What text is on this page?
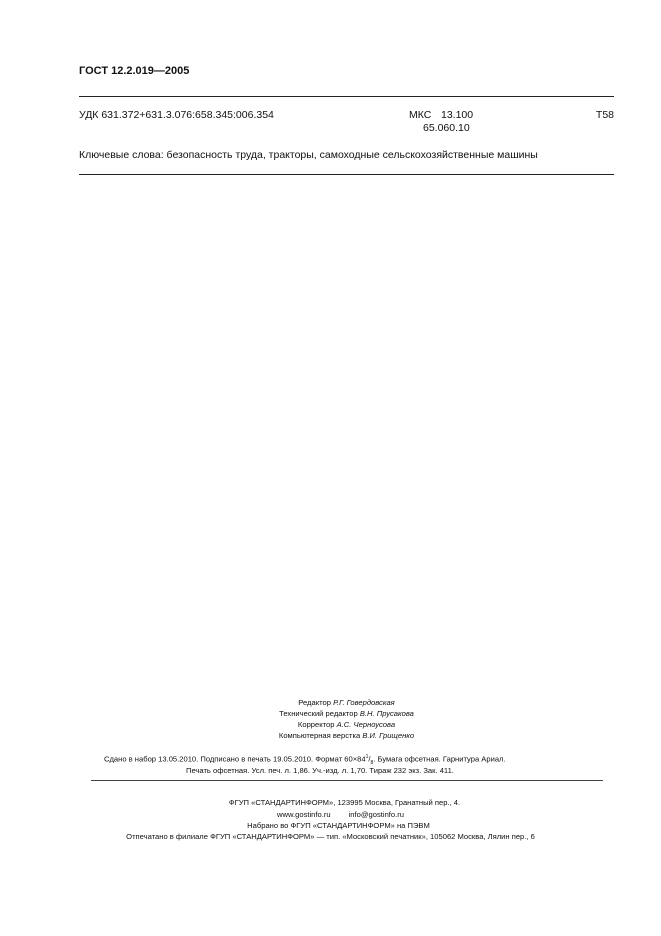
ГОСТ 12.2.019—2005
УДК 631.372+631.3.076:658.345:006.354	МКС 13.100
65.060.10
Т58
Ключевые слова: безопасность труда, тракторы, самоходные сельскохозяйственные машины
Редактор Р.Г. Говердовская
Технический редактор В.Н. Прусакова
Корректор А.С. Черноусова
Компьютерная верстка В.И. Грищенко
Сдано в набор 13.05.2010. Подписано в печать 19.05.2010. Формат $60\times 84^1/_8$. Бумага офсетная. Гарнитура Ариал.
Печать офсетная. Усл. печ. л. 1,86. Уч.-изд. л. 1,70. Тираж 232 экз. Зак. 411.
ФГУП «СТАНДАРТИНФОРМ», 123995 Москва, Гранатный пер., 4.
www.gostinfo.ru info@gostinfo.ru
Набрано во ФГУП «СТАНДАРТИНФОРМ» на ПЭВМ
Отпечатано в филиале ФГУП «СТАНДАРТИНФОРМ» — тип. «Московский печатник», 105062 Москва, Лялин пер., 6
